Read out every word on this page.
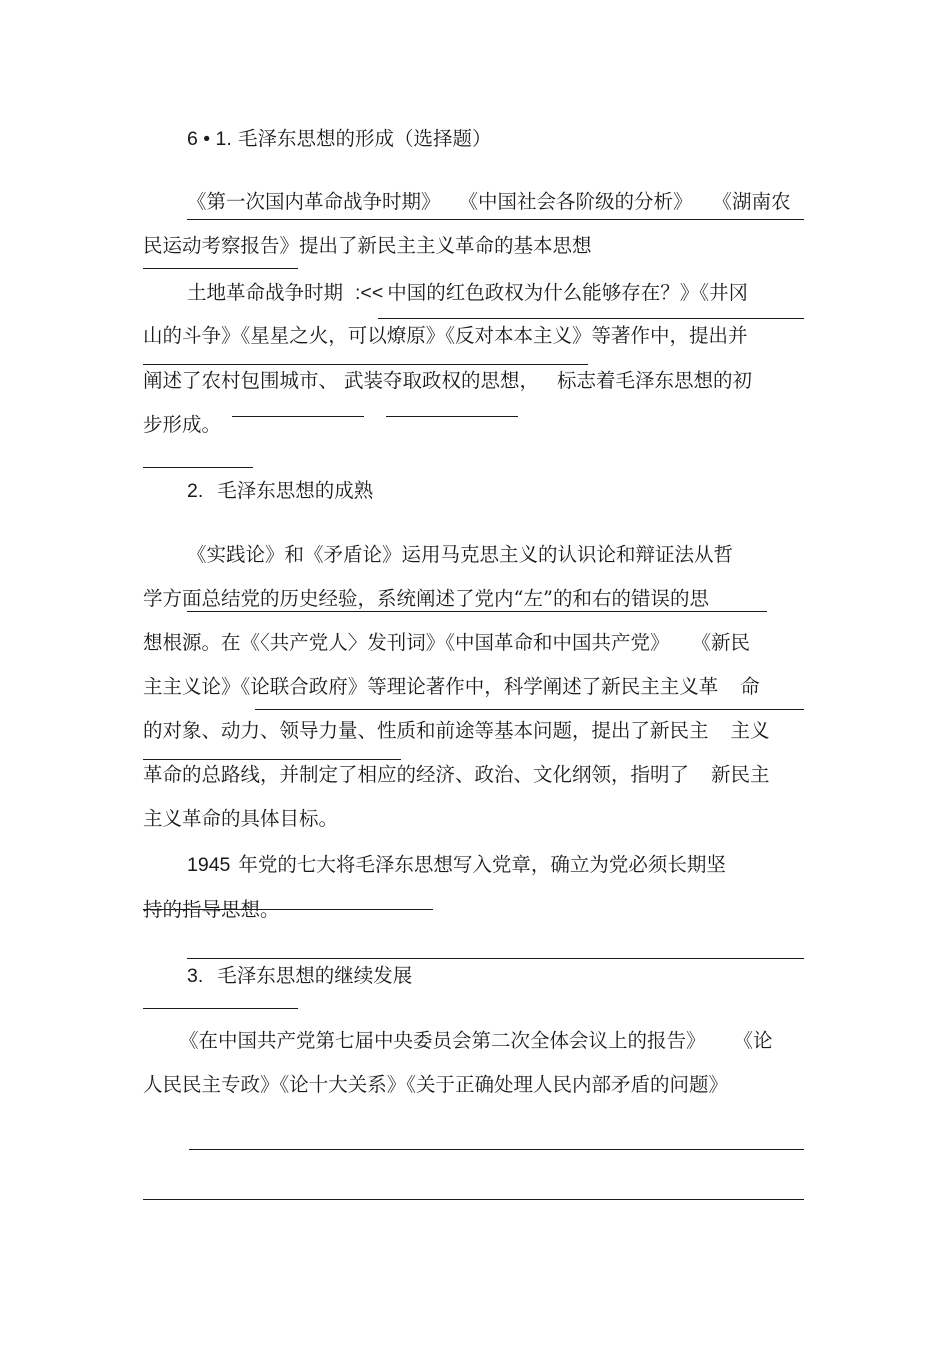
6 • 1. 毛泽东思想的形成（选择题）
《第一次国内革命战争时期》 《中国社会各阶级的分析》 《湖南农
民运动考察报告》提出了新民主主义革命的基本思想
土地革命战争时期 :<< 中国的红色政权为什么能够存在？》《井冈
山的斗争》《星星之火，可以燎原》《反对本本主义》等著作中，提出并
阐述了农村包围城市、 武装夺取政权的思想， 标志着毛泽东思想的初
步形成。
2. 毛泽东思想的成熟
《实践论》和《矛盾论》运用马克思主义的认识论和辩证法从哲
学方面总结党的历史经验，系统阐述了党内“左”的和右的错误的思
想根源。在《〈共产党人〉发刊词》《中国革命和中国共产党》 《新民
主主义论》《论联合政府》等理论著作中，科学阐述了新民主主义革 命
的对象、动力、领导力量、性质和前途等基本问题，提出了新民主 主义
革命的总路线，并制定了相应的经济、政治、文化纲领，指明了 新民主
主义革命的具体目标。
1945 年党的七大将毛泽东思想写入党章，确立为党必须长期坚
持的指导思想。
3. 毛泽东思想的继续发展
《在中国共产党第七届中央委员会第二次全体会议上的报告》 《论
人民民主专政》《论十大关系》《关于正确处理人民内部矛盾的问题》
